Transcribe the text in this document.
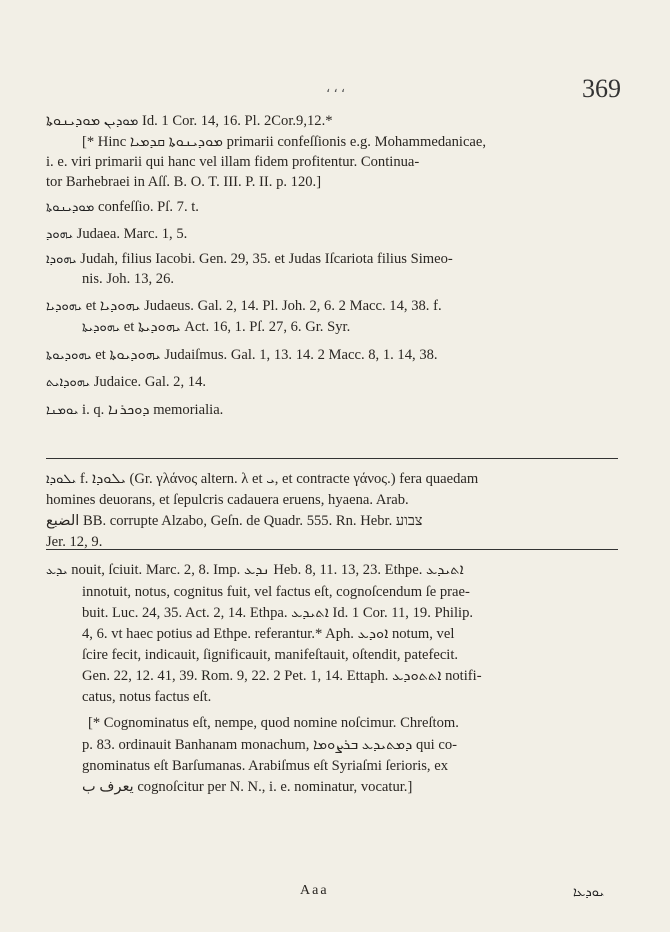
، ، ،	369
ܡܘܕܝܢ ܡܘܕܝܢܘܬܐ Id. 1 Cor. 14, 16. Pl. 2Cor.9,12.*
[* Hinc ܡܘܕܝܢܘܬܐ ܩܕܡܝܐ primarii confeſſionis e.g. Mohammedanicae,
i. e. viri primarii qui hanc vel illam fidem profitentur. Continua-
tor Barhebraei in Aſſ. B. O. T. III. P. II. p. 120.]
ܡܘܕܝܢܘܬܐ confeſſio. Pſ. 7. t.
ܝܗܘܕ Judaea. Marc. 1, 5.
ܝܗܘܕܐ Judah, filius Iacobi. Gen. 29, 35. et Judas Iſcariota filius Simeo-
nis. Joh. 13, 26.
ܝܗܘܕܝܐ et ܝܗܘܕܝܐ Judaeus. Gal. 2, 14. Pl. Joh. 2, 6. 2 Macc. 14, 38. f.
ܝܗܘܕܝܬܐ et ܝܗܘܕܝܬܐ Act. 16, 1. Pſ. 27, 6. Gr. Syr.
ܝܗܘܕܝܘܬܐ et ܝܗܘܕܝܘܬܐ Judaiſmus. Gal. 1, 13. 14. 2 Macc. 8, 1. 14, 38.
ܝܗܘܕܐܝܬ Judaice. Gal. 2, 14.
ܝܘܡܢܐ i. q. ܕܘܟܪܢܐ memorialia.
ܝܠܘܕܐ f. ܝܠܘܕܐ (Gr. γλάνος altern. λ et ܝ, et contracte γάνος.) fera quaedam
homines deuorans, et ſepulcris cadauera eruens, hyaena. Arab.
الضبع BB. corrupte Alzabo, Geſn. de Quadr. 555. Rn. Hebr. צבוע
Jer. 12, 9.
ܝܕܥ nouit, ſciuit. Marc. 2, 8. Imp. ܢܕܥ Heb. 8, 11. 13, 23. Ethpe. ܐܬܝܕܥ
innotuit, notus, cognitus fuit, vel factus eſt, cognoſcendum ſe prae-
buit. Luc. 24, 35. Act. 2, 14. Ethpa. ܐܬܝܕܥ Id. 1 Cor. 11, 19. Philip.
4, 6. vt haec potius ad Ethpe. referantur.* Aph. ܐܘܕܥ notum, vel
ſcire fecit, indicauit, ſignificauit, manifeſtauit, oſtendit, patefecit.
Gen. 22, 12. 41, 39. Rom. 9, 22. 2 Pet. 1, 14. Ettaph. ܐܬܬܘܕܥ notifi-
catus, notus factus eſt.
[* Cognominatus eſt, nempe, quod nomine noſcimur. Chreſtom.
p. 83. ordinauit Banhanam monachum, ܕܡܬܝܕܥ ܒܪܨܘܡܐ qui co-
gnominatus eſt Barſumanas. Arabiſmus eſt Syriaſmi ſerioris, ex
يعرف ب cognoſcitur per N. N., i. e. nominatur, vocatur.]
Aaa	ܝܘܕܥܐ
